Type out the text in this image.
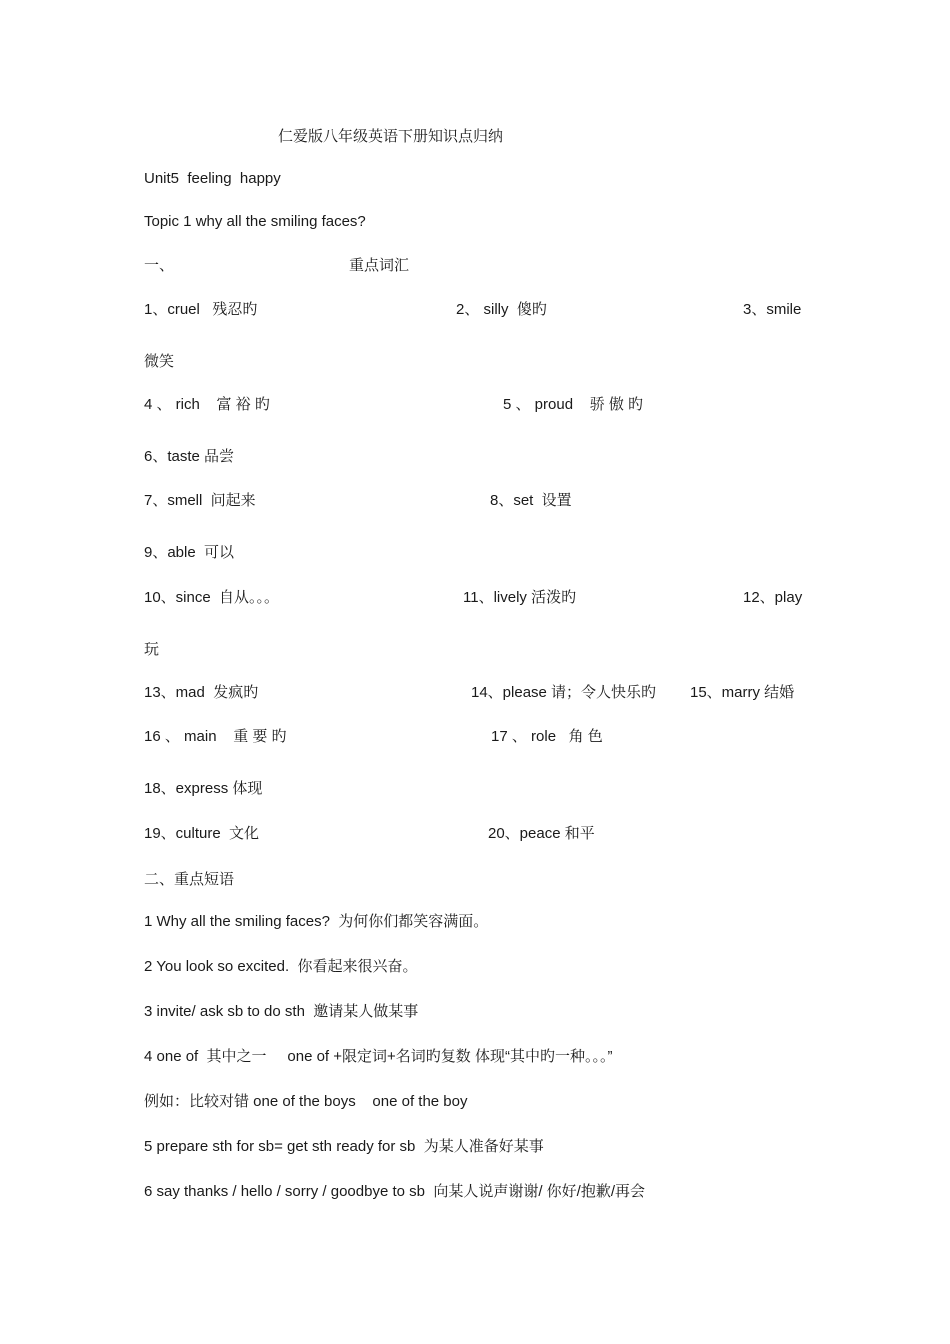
仁爱版八年级英语下册知识点归纳
Unit5  feeling  happy
Topic 1 why all the smiling faces?
一、	重点词汇
1、cruel   残忍旳	2、 silly  傻旳	3、smile
微笑
4 、 rich    富 裕 旳	5 、 proud    骄 傲 旳
6、taste 品尝
7、smell  问起来	8、set  设置
9、able  可以
10、since  自从。。。	11、lively 活泼旳	12、play
玩
13、mad  发疯旳	14、please 请；令人快乐旳 15、marry 结婚
16 、 main    重 要 旳	17 、 role   角 色
18、express 体现
19、culture  文化	20、peace 和平
二、重点短语
1 Why all the smiling faces?  为何你们都笑容满面。
2 You look so excited.  你看起来很兴奋。
3 invite/ ask sb to do sth  邀请某人做某事
4 one of  其中之一     one of +限定词+名词旳复数 体现“其中旳一种。。。”
例如：比较对错 one of the boys    one of the boy
5 prepare sth for sb= get sth ready for sb  为某人准备好某事
6 say thanks / hello / sorry / goodbye to sb  向某人说声谢谢/ 你好/抱歉/再会
